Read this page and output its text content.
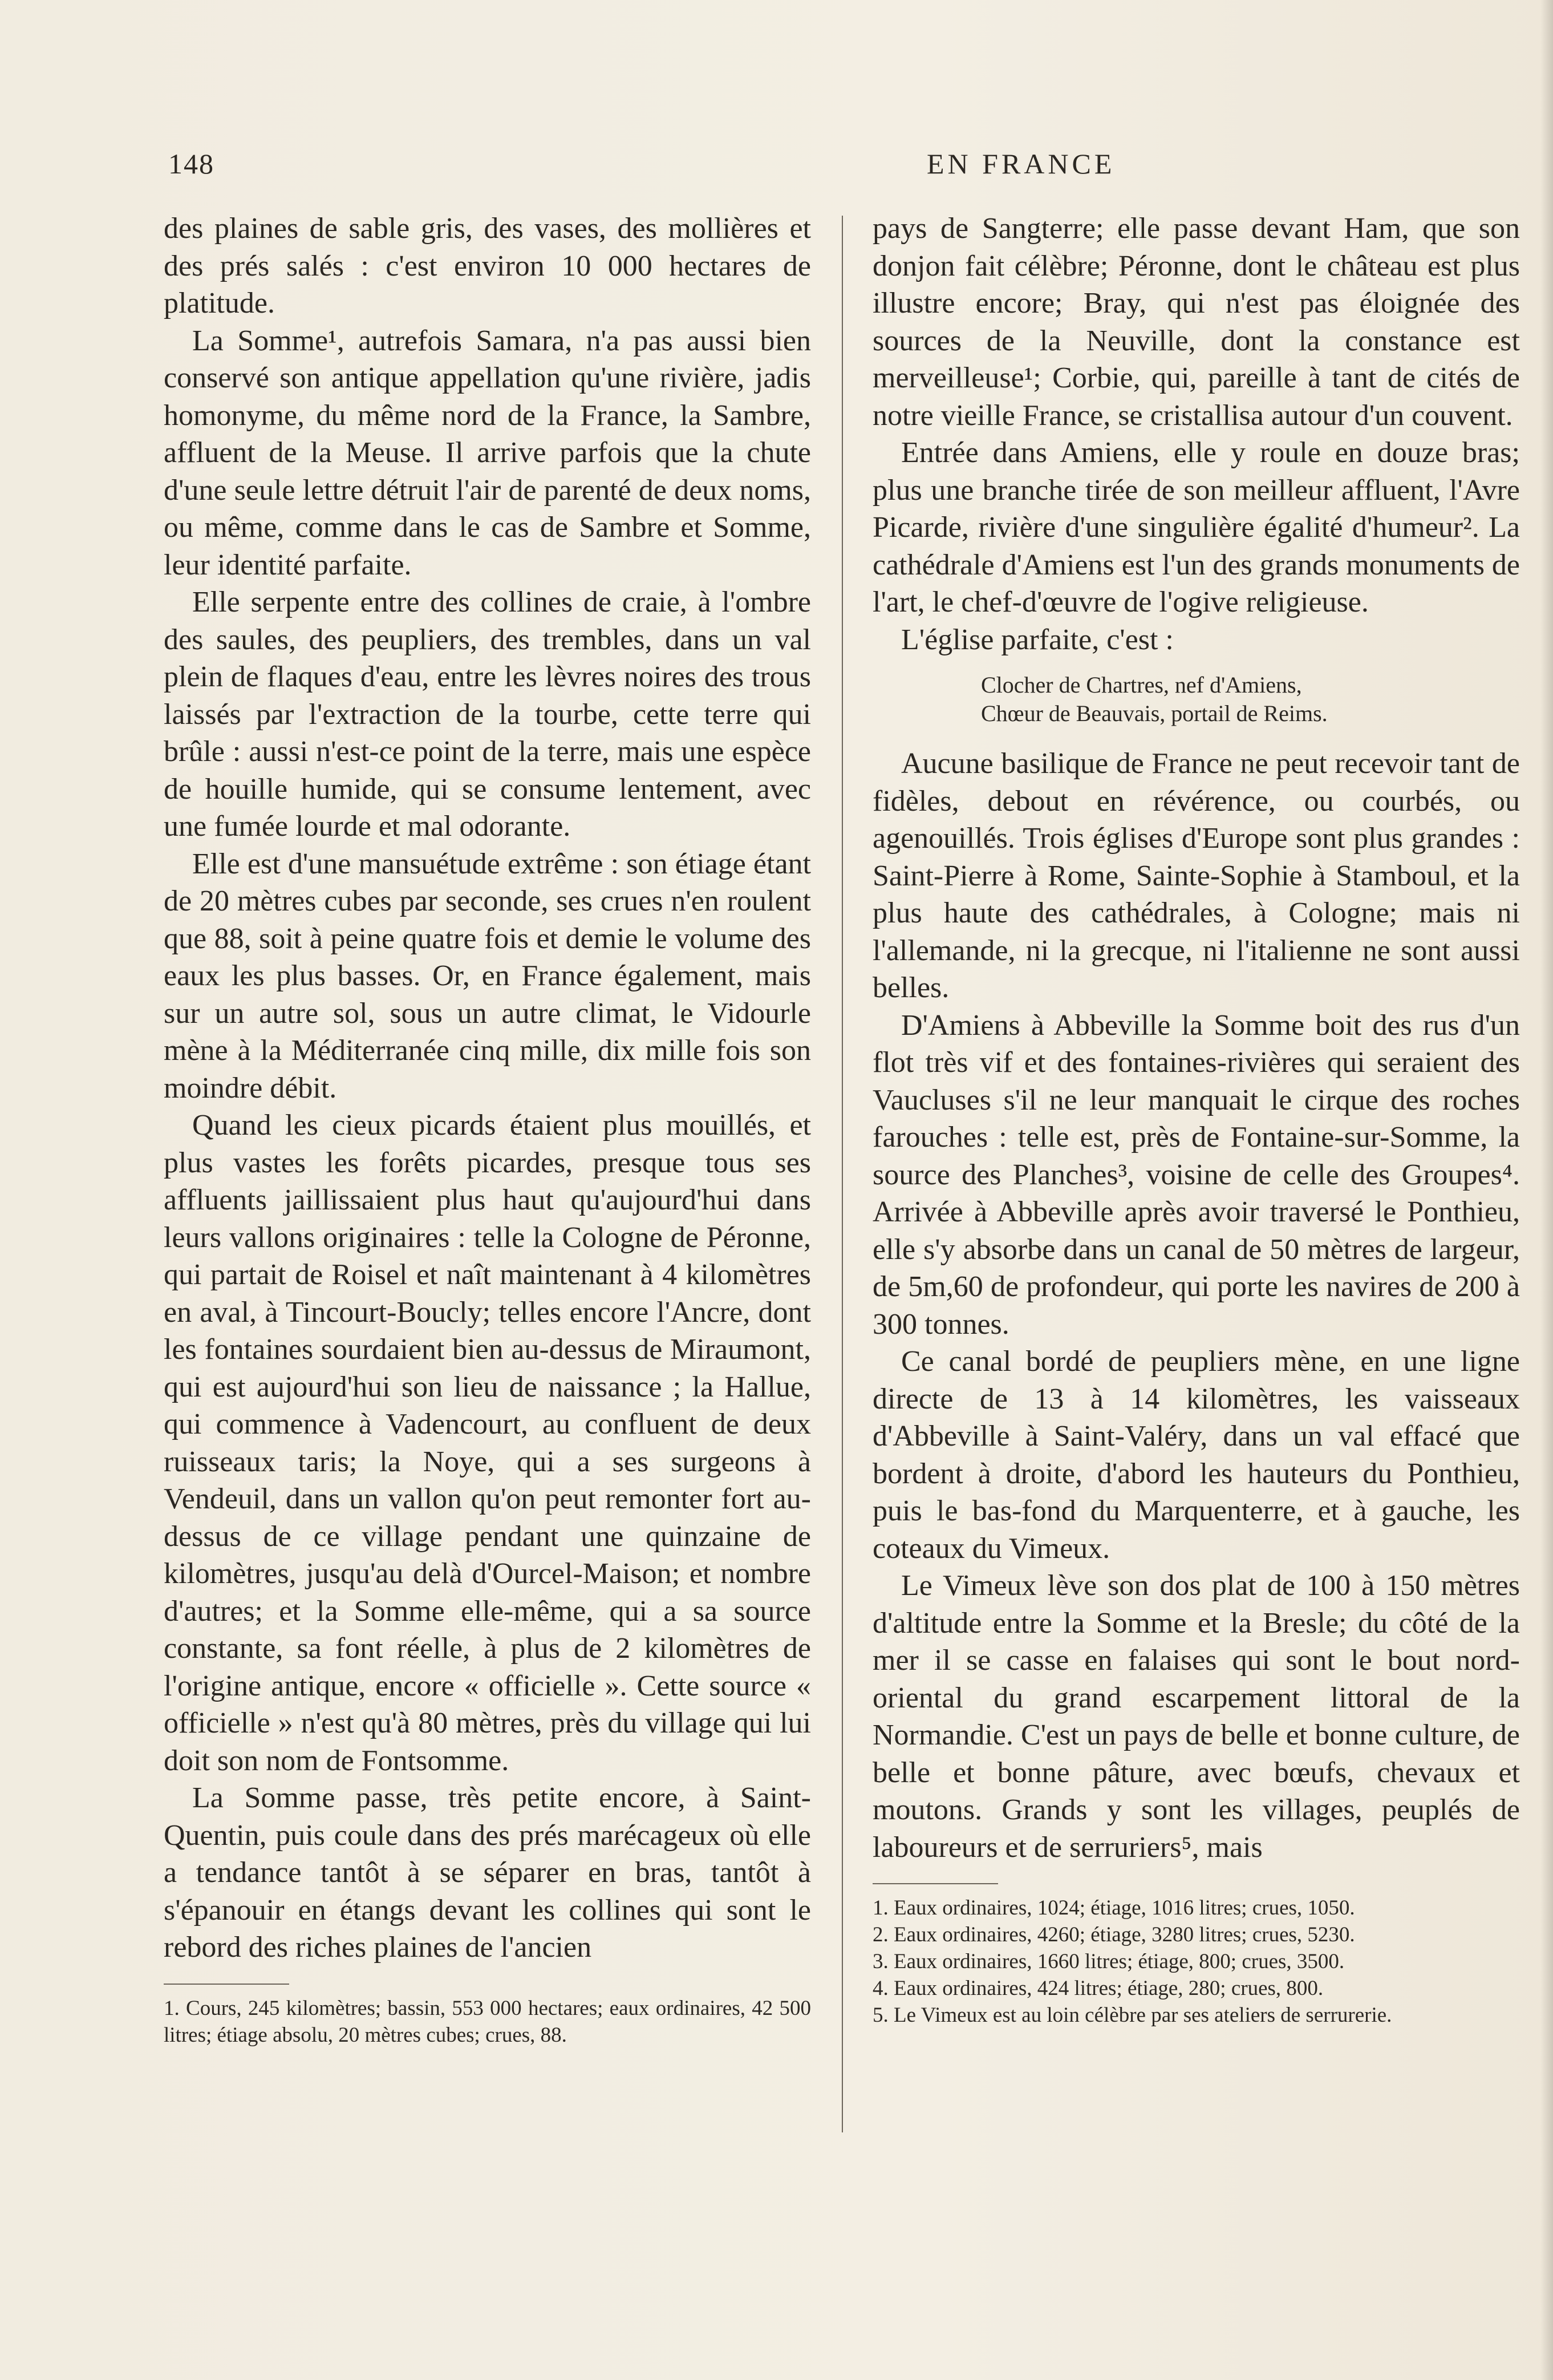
148	EN FRANCE

des plaines de sable gris, des vases, des mollières et des prés salés : c'est environ 10 000 hectares de platitude.

La Somme¹, autrefois Samara, n'a pas aussi bien conservé son antique appellation qu'une rivière, jadis homonyme, du même nord de la France, la Sambre, affluent de la Meuse. Il arrive parfois que la chute d'une seule lettre détruit l'air de parenté de deux noms, ou même, comme dans le cas de Sambre et Somme, leur identité parfaite.

Elle serpente entre des collines de craie, à l'ombre des saules, des peupliers, des trembles, dans un val plein de flaques d'eau, entre les lèvres noires des trous laissés par l'extraction de la tourbe, cette terre qui brûle : aussi n'est-ce point de la terre, mais une espèce de houille humide, qui se consume lentement, avec une fumée lourde et mal odorante.

Elle est d'une mansuétude extrême : son étiage étant de 20 mètres cubes par seconde, ses crues n'en roulent que 88, soit à peine quatre fois et demie le volume des eaux les plus basses. Or, en France également, mais sur un autre sol, sous un autre climat, le Vidourle mène à la Méditerranée cinq mille, dix mille fois son moindre débit.

Quand les cieux picards étaient plus mouillés, et plus vastes les forêts picardes, presque tous ses affluents jaillissaient plus haut qu'aujourd'hui dans leurs vallons originaires : telle la Cologne de Péronne, qui partait de Roisel et naît maintenant à 4 kilomètres en aval, à Tincourt-Boucly; telles encore l'Ancre, dont les fontaines sourdaient bien au-dessus de Miraumont, qui est aujourd'hui son lieu de naissance ; la Hallue, qui commence à Vadencourt, au confluent de deux ruisseaux taris; la Noye, qui a ses surgeons à Vendeuil, dans un vallon qu'on peut remonter fort au-dessus de ce village pendant une quinzaine de kilomètres, jusqu'au delà d'Ourcel-Maison; et nombre d'autres; et la Somme elle-même, qui a sa source constante, sa font réelle, à plus de 2 kilomètres de l'origine antique, encore « officielle ». Cette source « officielle » n'est qu'à 80 mètres, près du village qui lui doit son nom de Fontsomme.

La Somme passe, très petite encore, à Saint-Quentin, puis coule dans des prés marécageux où elle a tendance tantôt à se séparer en bras, tantôt à s'épanouir en étangs devant les collines qui sont le rebord des riches plaines de l'ancien

1. Cours, 245 kilomètres; bassin, 553 000 hectares; eaux ordinaires, 42 500 litres; étiage absolu, 20 mètres cubes; crues, 88.

pays de Sangterre; elle passe devant Ham, que son donjon fait célèbre; Péronne, dont le château est plus illustre encore; Bray, qui n'est pas éloignée des sources de la Neuville, dont la constance est merveilleuse¹; Corbie, qui, pareille à tant de cités de notre vieille France, se cristallisa autour d'un couvent.

Entrée dans Amiens, elle y roule en douze bras; plus une branche tirée de son meilleur affluent, l'Avre Picarde, rivière d'une singulière égalité d'humeur². La cathédrale d'Amiens est l'un des grands monuments de l'art, le chef-d'œuvre de l'ogive religieuse.

L'église parfaite, c'est :

Clocher de Chartres, nef d'Amiens,
Chœur de Beauvais, portail de Reims.

Aucune basilique de France ne peut recevoir tant de fidèles, debout en révérence, ou courbés, ou agenouillés. Trois églises d'Europe sont plus grandes : Saint-Pierre à Rome, Sainte-Sophie à Stamboul, et la plus haute des cathédrales, à Cologne; mais ni l'allemande, ni la grecque, ni l'italienne ne sont aussi belles.

D'Amiens à Abbeville la Somme boit des rus d'un flot très vif et des fontaines-rivières qui seraient des Vaucluses s'il ne leur manquait le cirque des roches farouches : telle est, près de Fontaine-sur-Somme, la source des Planches³, voisine de celle des Groupes⁴. Arrivée à Abbeville après avoir traversé le Ponthieu, elle s'y absorbe dans un canal de 50 mètres de largeur, de 5m,60 de profondeur, qui porte les navires de 200 à 300 tonnes.

Ce canal bordé de peupliers mène, en une ligne directe de 13 à 14 kilomètres, les vaisseaux d'Abbeville à Saint-Valéry, dans un val effacé que bordent à droite, d'abord les hauteurs du Ponthieu, puis le bas-fond du Marquenterre, et à gauche, les coteaux du Vimeux.

Le Vimeux lève son dos plat de 100 à 150 mètres d'altitude entre la Somme et la Bresle; du côté de la mer il se casse en falaises qui sont le bout nord-oriental du grand escarpement littoral de la Normandie. C'est un pays de belle et bonne culture, de belle et bonne pâture, avec bœufs, chevaux et moutons. Grands y sont les villages, peuplés de laboureurs et de serruriers⁵, mais

1. Eaux ordinaires, 1024; étiage, 1016 litres; crues, 1050.

2. Eaux ordinaires, 4260; étiage, 3280 litres; crues, 5230.

3. Eaux ordinaires, 1660 litres; étiage, 800; crues, 3500.

4. Eaux ordinaires, 424 litres; étiage, 280; crues, 800.

5. Le Vimeux est au loin célèbre par ses ateliers de serrurerie.
